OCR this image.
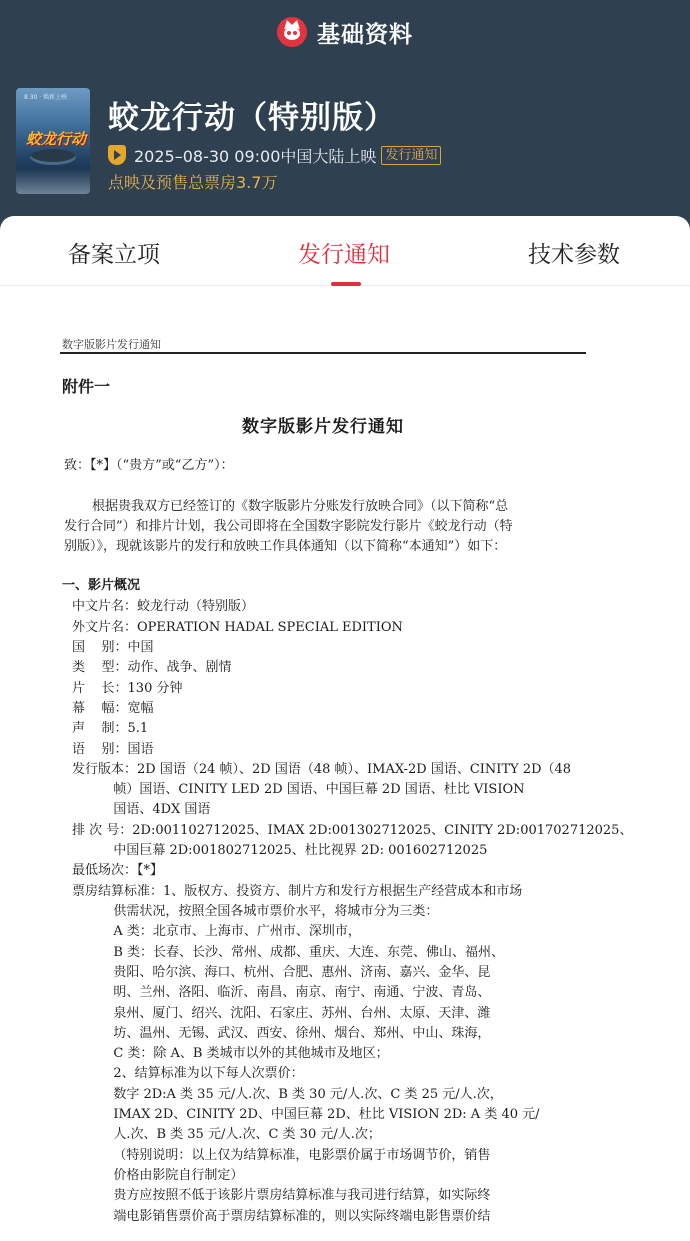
基础资料
8.30 · 焕新上映
蛟龙行动
蛟龙行动（特别版）
2025–08-30 09:00中国大陆上映 发行通知
点映及预售总票房3.7万
备案立项	发行通知	技术参数
数字版影片发行通知
附件一
数字版影片发行通知
致：【*】（“贵方”或“乙方”）：
根据贵我双方已经签订的《数字版影片分账发行放映合同》（以下简称“总
发行合同”）和排片计划，我公司即将在全国数字影院发行影片《蛟龙行动（特
别版）》，现就该影片的发行和放映工作具体通知（以下简称“本通知”）如下：
一、影片概况
中文片名：蛟龙行动（特别版）
外文片名：OPERATION HADAL SPECIAL EDITION
国    别：中国
类    型：动作、战争、剧情
片    长：130 分钟
幕    幅：宽幅
声    制：5.1
语    别：国语
发行版本：2D 国语（24 帧）、2D 国语（48 帧）、IMAX-2D 国语、CINITY 2D（48
帧）国语、CINITY LED 2D 国语、中国巨幕 2D 国语、杜比 VISION
国语、4DX 国语
排 次 号：2D:001102712025、IMAX 2D:001302712025、CINITY 2D:001702712025、
中国巨幕 2D:001802712025、杜比视界 2D: 001602712025
最低场次：【*】
票房结算标准：1、版权方、投资方、制片方和发行方根据生产经营成本和市场
供需状况，按照全国各城市票价水平，将城市分为三类：
A 类：北京市、上海市、广州市、深圳市，
B 类：长春、长沙、常州、成都、重庆、大连、东莞、佛山、福州、
贵阳、哈尔滨、海口、杭州、合肥、惠州、济南、嘉兴、金华、昆
明、兰州、洛阳、临沂、南昌、南京、南宁、南通、宁波、青岛、
泉州、厦门、绍兴、沈阳、石家庄、苏州、台州、太原、天津、潍
坊、温州、无锡、武汉、西安、徐州、烟台、郑州、中山、珠海，
C 类：除 A、B 类城市以外的其他城市及地区；
2、结算标准为以下每人次票价：
数字 2D:A 类 35 元/人.次、B 类 30 元/人.次、C 类 25 元/人.次，
IMAX 2D、CINITY 2D、中国巨幕 2D、杜比 VISION 2D: A 类 40 元/
人.次、B 类 35 元/人.次、C 类 30 元/人.次；
（特别说明：以上仅为结算标准，电影票价属于市场调节价，销售
价格由影院自行制定）
贵方应按照不低于该影片票房结算标准与我司进行结算，如实际终
端电影销售票价高于票房结算标准的，则以实际终端电影售票价结
